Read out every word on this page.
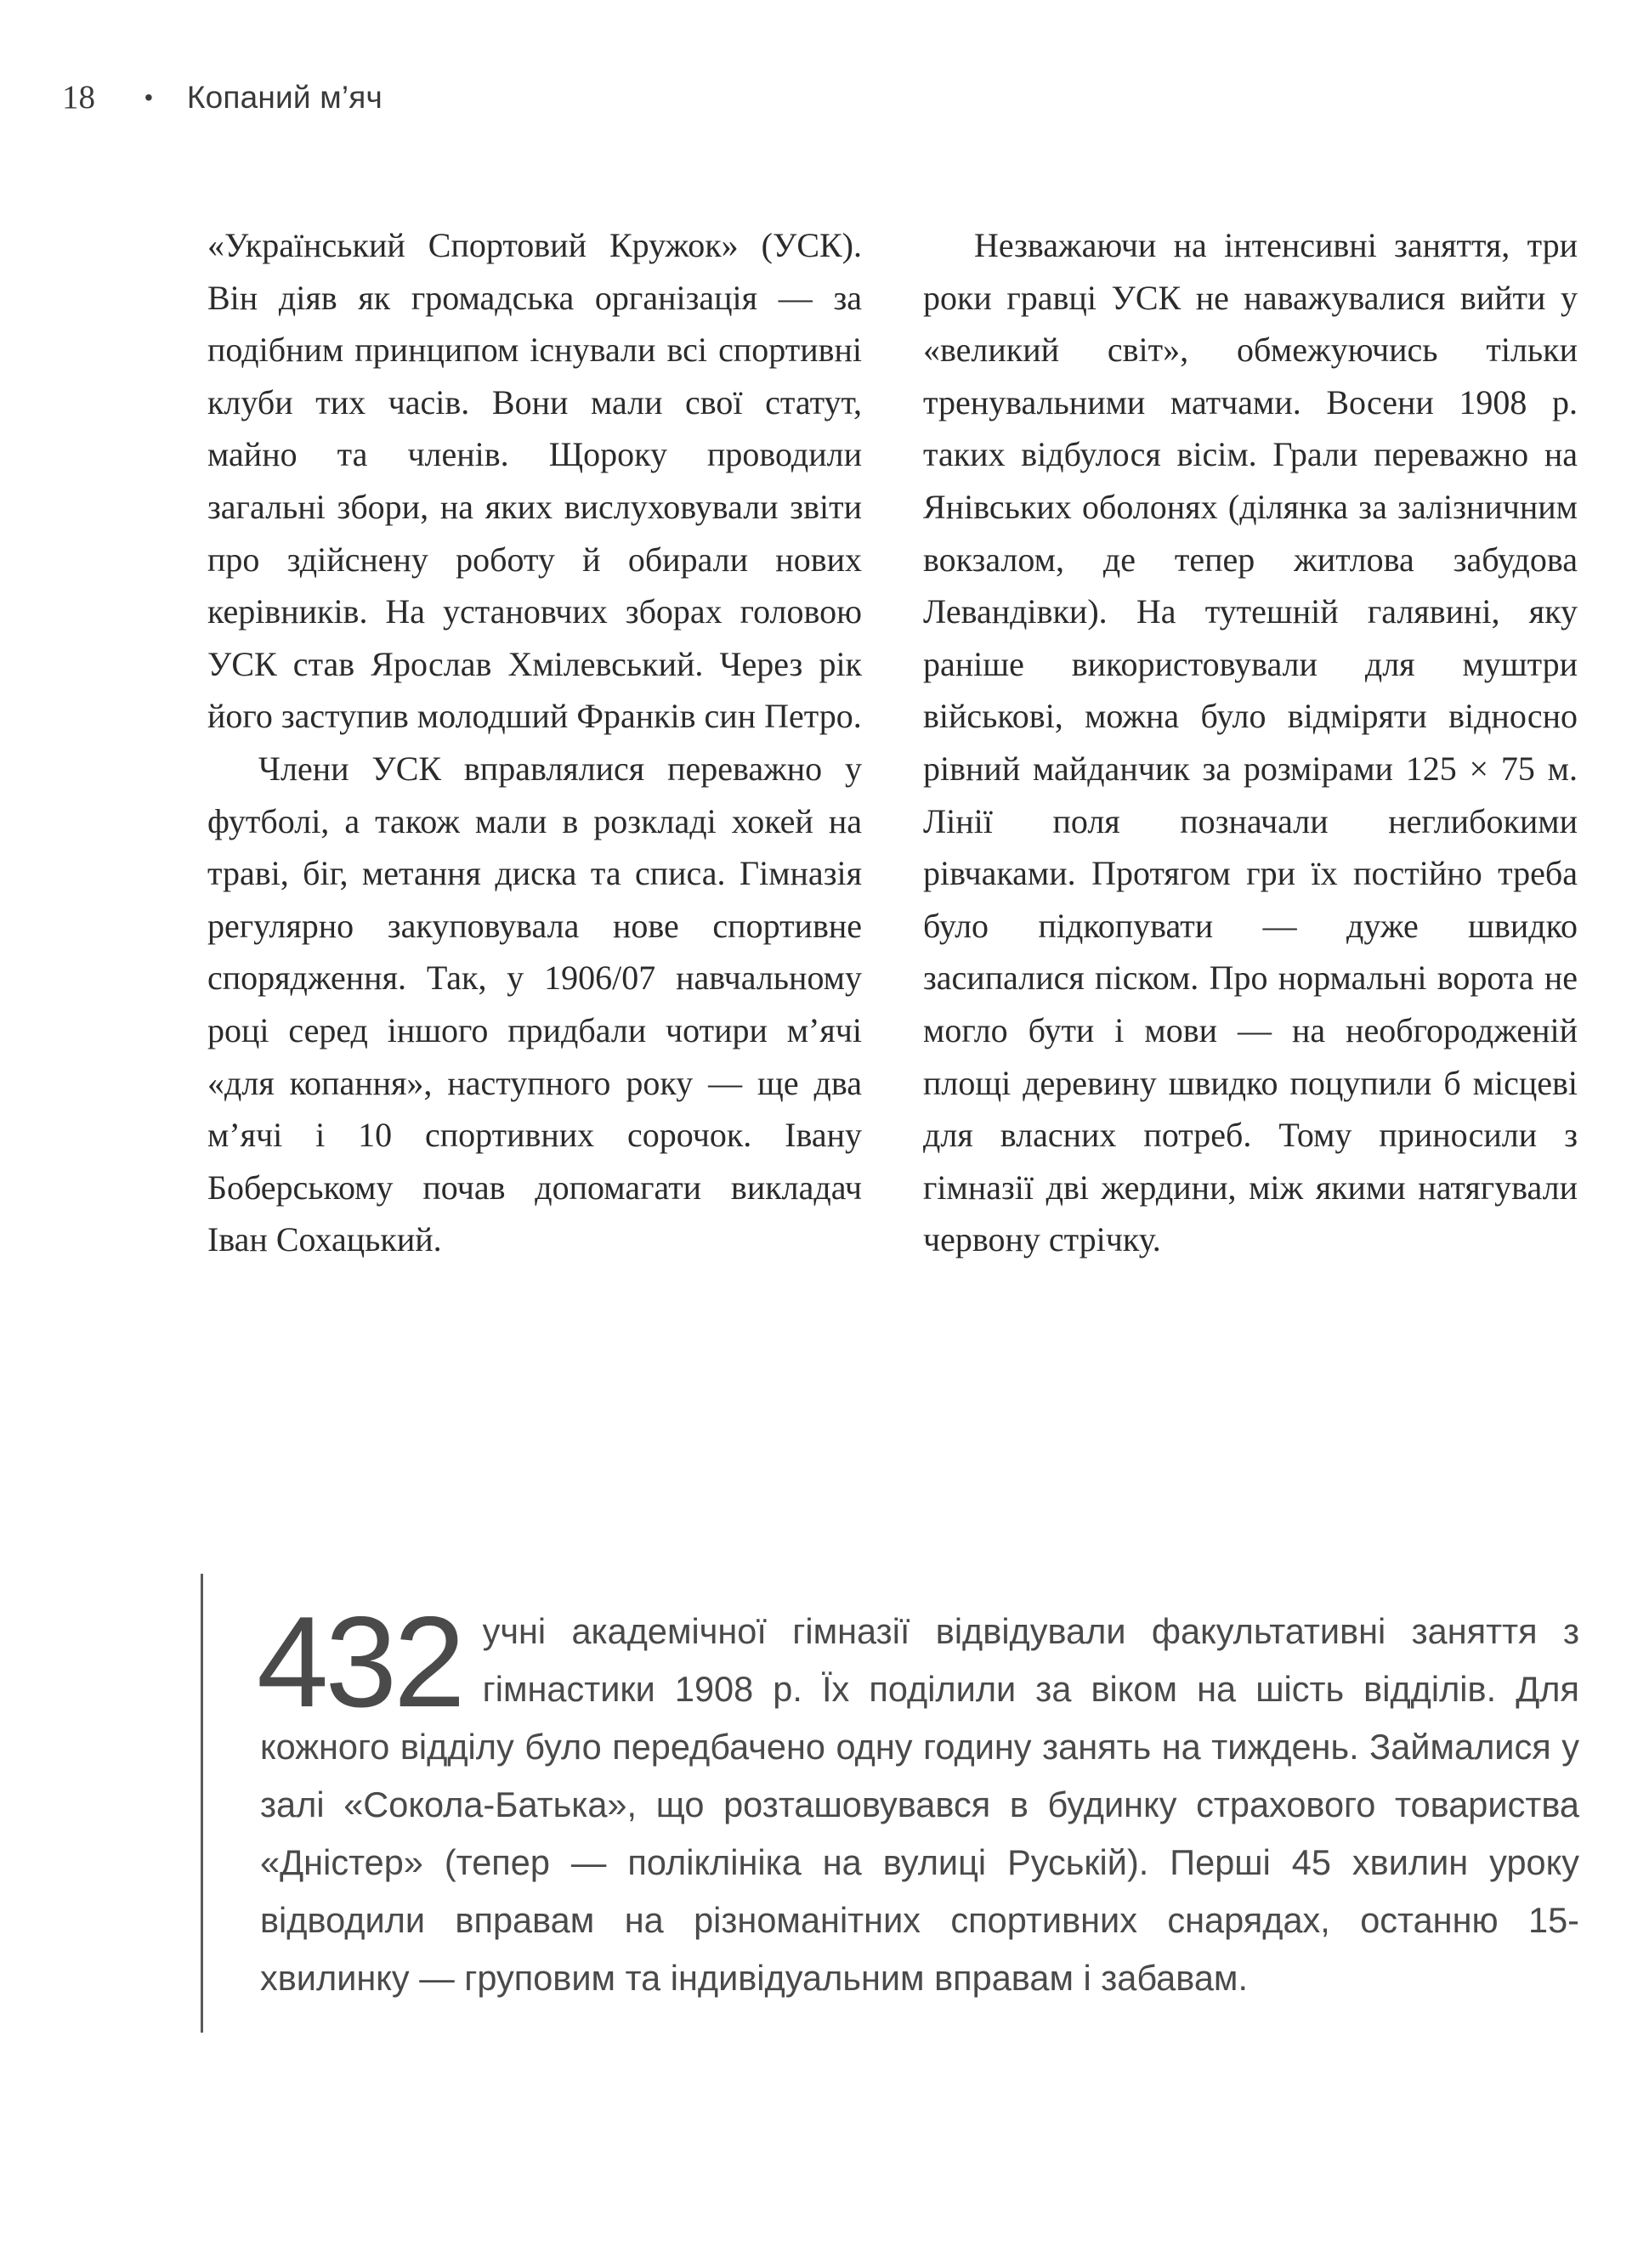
18 • Копаний м’яч

«Український Спортовий Кружок» (УСК). Він діяв як громадська організація — за подібним принципом існували всі спортивні клуби тих часів. Вони мали свої статут, майно та членів. Щороку проводили загальні збори, на яких вислуховували звіти про здійснену роботу й обирали нових керівників. На установчих зборах головою УСК став Ярослав Хмілевський. Через рік його заступив молодший Франків син Петро.

Члени УСК вправлялися переважно у футболі, а також мали в розкладі хокей на траві, біг, метання диска та списа. Гімназія регулярно закуповувала нове спортивне спорядження. Так, у 1906/07 навчальному році серед іншого придбали чотири м’ячі «для копання», наступного року — ще два м’ячі і 10 спортивних сорочок. Івану Боберському почав допомагати викладач Іван Сохацький.

Незважаючи на інтенсивні заняття, три роки гравці УСК не наважувалися вийти у «великий світ», обмежуючись тільки тренувальними матчами. Восени 1908 р. таких відбулося вісім. Грали переважно на Янівських оболонях (ділянка за залізничним вокзалом, де тепер житлова забудова Левандівки). На тутешній галявині, яку раніше використовували для муштри військові, можна було відміряти відносно рівний майданчик за розмірами 125 × 75 м. Лінії поля позначали неглибокими рівчаками. Протягом гри їх постійно треба було підкопувати — дуже швидко засипалися піском. Про нормальні ворота не могло бути і мови — на необгородженій площі деревину швидко поцупили б місцеві для власних потреб. Тому приносили з гімназії дві жердини, між якими натягували червону стрічку.

432 учні академічної гімназії відвідували факультативні заняття з гімнастики 1908 р. Їх поділили за віком на шість відділів. Для кожного відділу було передбачено одну годину занять на тиждень. Займалися у залі «Сокола-Батька», що розташовувався в будинку страхового товариства «Дністер» (тепер — поліклініка на вулиці Руській). Перші 45 хвилин уроку відводили вправам на різноманітних спортивних снарядах, останню 15-хвилинку — груповим та індивідуальним вправам і забавам.
